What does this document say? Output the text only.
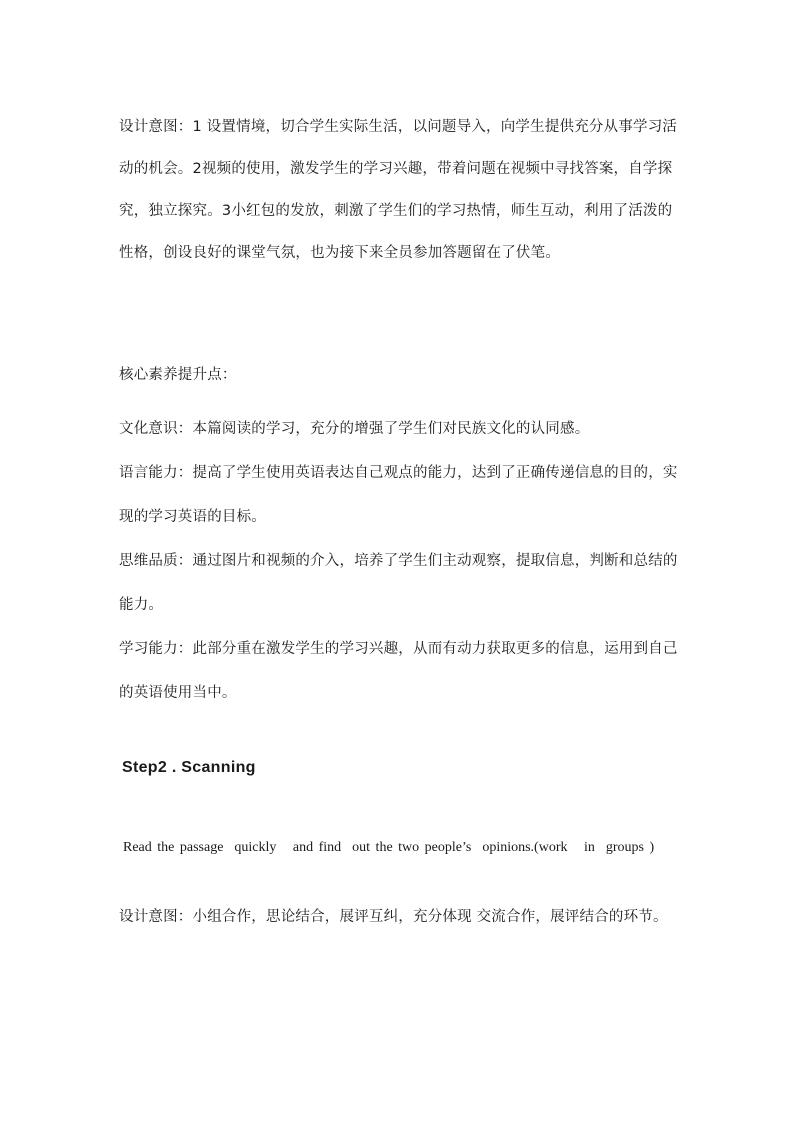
设计意图：1 设置情境，切合学生实际生活，以问题导入，向学生提供充分从事学习活动的机会。2视频的使用，激发学生的学习兴趣，带着问题在视频中寻找答案，自学探究，独立探究。3小红包的发放，刺激了学生们的学习热情，师生互动，利用了活泼的性格，创设良好的课堂气氛，也为接下来全员参加答题留在了伏笔。
核心素养提升点：
文化意识：本篇阅读的学习，充分的增强了学生们对民族文化的认同感。
语言能力：提高了学生使用英语表达自己观点的能力，达到了正确传递信息的目的，实现的学习英语的目标。
思维品质：通过图片和视频的介入，培养了学生们主动观察，提取信息，判断和总结的能力。
学习能力：此部分重在激发学生的学习兴趣，从而有动力获取更多的信息，运用到自己的英语使用当中。
Step2 . Scanning
Read the passage  quickly   and find  out the two people’s  opinions.(work   in  groups )
设计意图：小组合作，思论结合，展评互纠，充分体现 交流合作，展评结合的环节。
